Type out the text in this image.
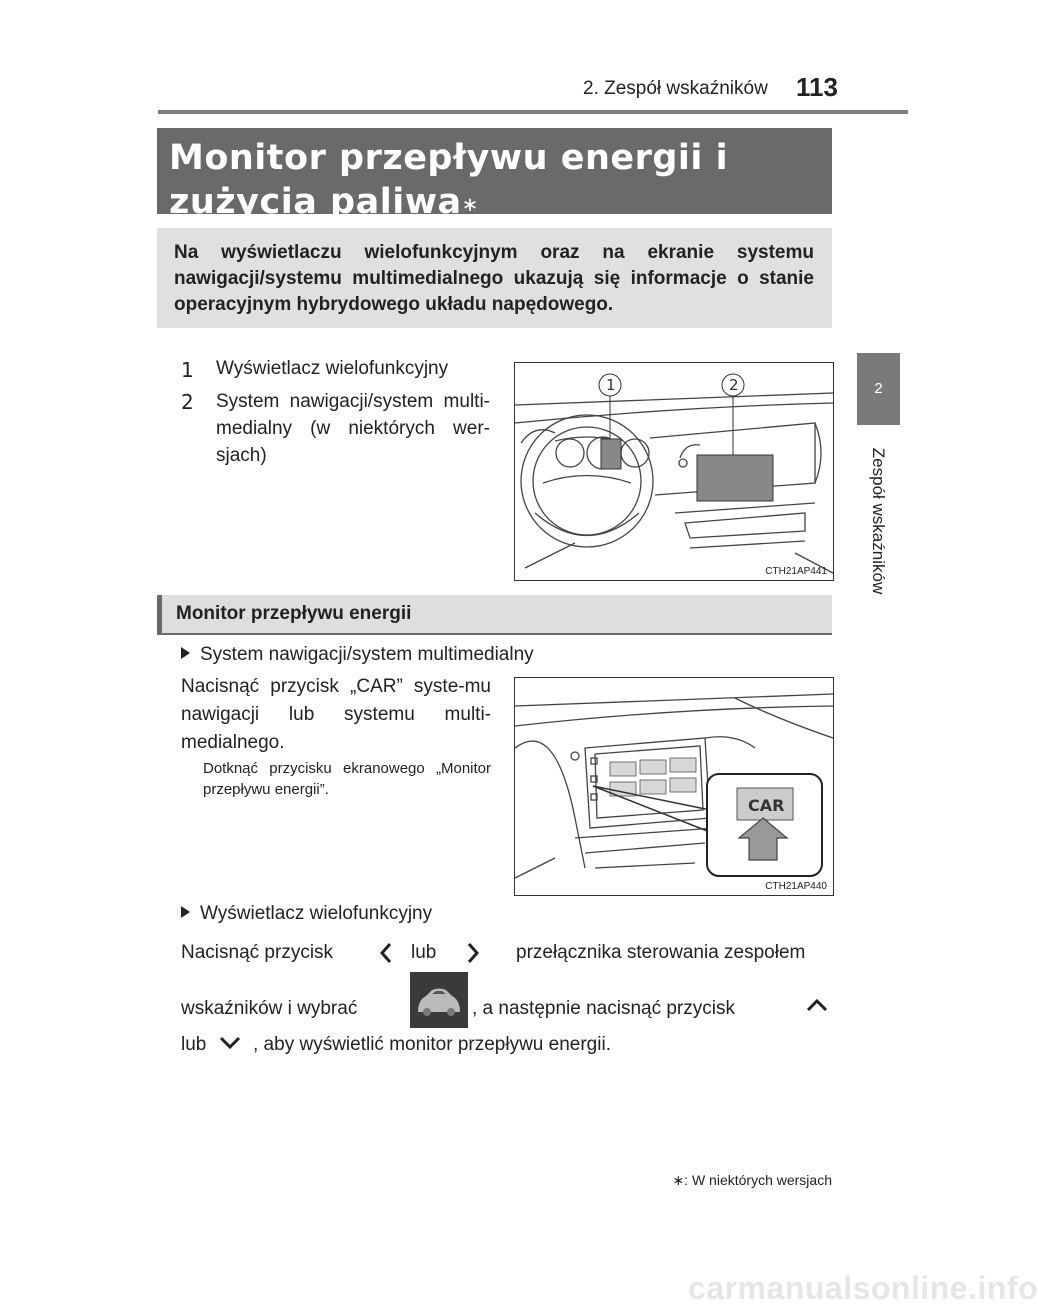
2. Zespół wskaźników 113
2
Zespół wskaźników
Monitor przepływu energii i zużycia paliwa∗

Na wyświetlaczu wielofunkcyjnym oraz na ekranie systemu nawigacji/systemu multimedialnego ukazują się informacje o stanie operacyjnym hybrydowego układu napędowego.

1 Wyświetlacz wielofunkcyjny
2 System nawigacji/system multi-medialny (w niektórych wer-sjach)
1	2
CTH21AP441
Monitor przepływu energii
System nawigacji/system multimedialny
Nacisnąć przycisk „CAR” syste-mu nawigacji lub systemu multi-medialnego.
Dotknąć przycisku ekranowego „Monitor przepływu energii”.
CAR
CTH21AP440
Wyświetlacz wielofunkcyjny
Nacisnąć przycisk	lub	przełącznika sterowania zespołem
wskaźników i wybrać	, a następnie nacisnąć przycisk
lub , aby wyświetlić monitor przepływu energii.
∗: W niektórych wersjach
carmanualsonline.info
